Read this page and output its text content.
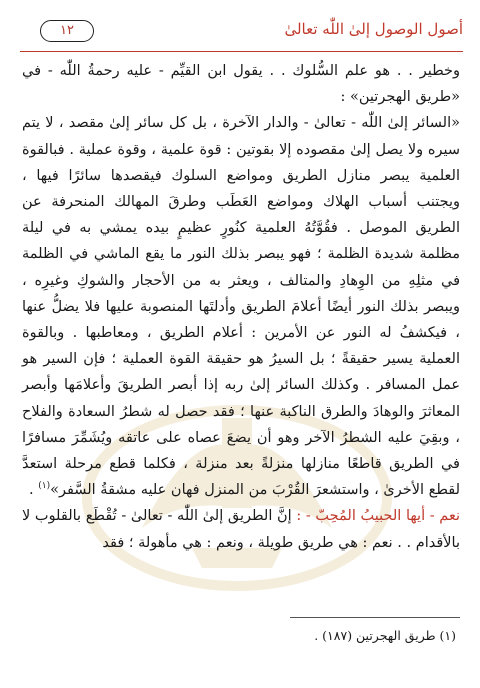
١٢	أصول الوصول إلىٰ اللّٰه تعالىٰ

وخطير . . هو علم السُّلوك . . يقول ابن القيِّم - عليه رحمةُ اللّٰه - في «طريق الهجرتين» :

«السائر إلىٰ اللّٰه - تعالىٰ - والدار الآخرة ، بل كل سائر إلىٰ مقصد ، لا يتم سيره ولا يصل إلىٰ مقصوده إلا بقوتين : قوة علمية ، وقوة عملية . فبالقوة العلمية يبصر منازل الطريق ومواضع السلوك فيقصدها سائرًا فيها ، ويجتنب أسباب الهلاك ومواضع العَطَب وطرقَ المهالك المنحرفة عن الطريق الموصل . فقُوَّتُهُ العلمية كنُورٍ عظيمٍ بيده يمشي به في ليلة مظلمة شديدة الظلمة ؛ فهو يبصر بذلك النور ما يقع الماشي في الظلمة في مثلِهِ من الوِهادِ والمتالف ، ويعثر به من الأحجار والشوكِ وغيرِه ، ويبصر بذلك النور أيضًا أعلامَ الطريق وأدلتَها المنصوبة عليها فلا يضلُّ عنها ، فيكشفُ له النور عن الأمرين : أعلام الطريق ، ومعاطبها . وبالقوة العملية يسير حقيقةً ؛ بل السيرُ هو حقيقة القوة العملية ؛ فإن السير هو عمل المسافر . وكذلك السائر إلىٰ ربه إذا أبصر الطريقَ وأعلامَها وأبصر المعاثرَ والوهادَ والطرق الناكبة عنها ؛ فقد حصل له شطرُ السعادة والفلاح ، وبقِيَ عليه الشطرُ الآخر وهو أن يضعَ عصاه على عاتقه ويُشَمِّرَ مسافرًا في الطريق قاطعًا منازلها منزلةً بعد منزلة ، فكلما قطع مرحلة استعدَّ لقطع الأخرىٰ ، واستشعرَ القُرْبَ من المنزل فهان عليه مشقةُ السَّفر»$^{(١)}$ .

نعم - أيها الحبيبُ المُحِبّ - : إنَّ الطريق إلىٰ اللّٰه - تعالىٰ - تُقْطَع بالقلوب لا بالأقدام . . نعم : هي طريق طويلة ، ونعم : هي مأهولة ؛ فقد

(١) طريق الهجرتين (١٨٧) .
